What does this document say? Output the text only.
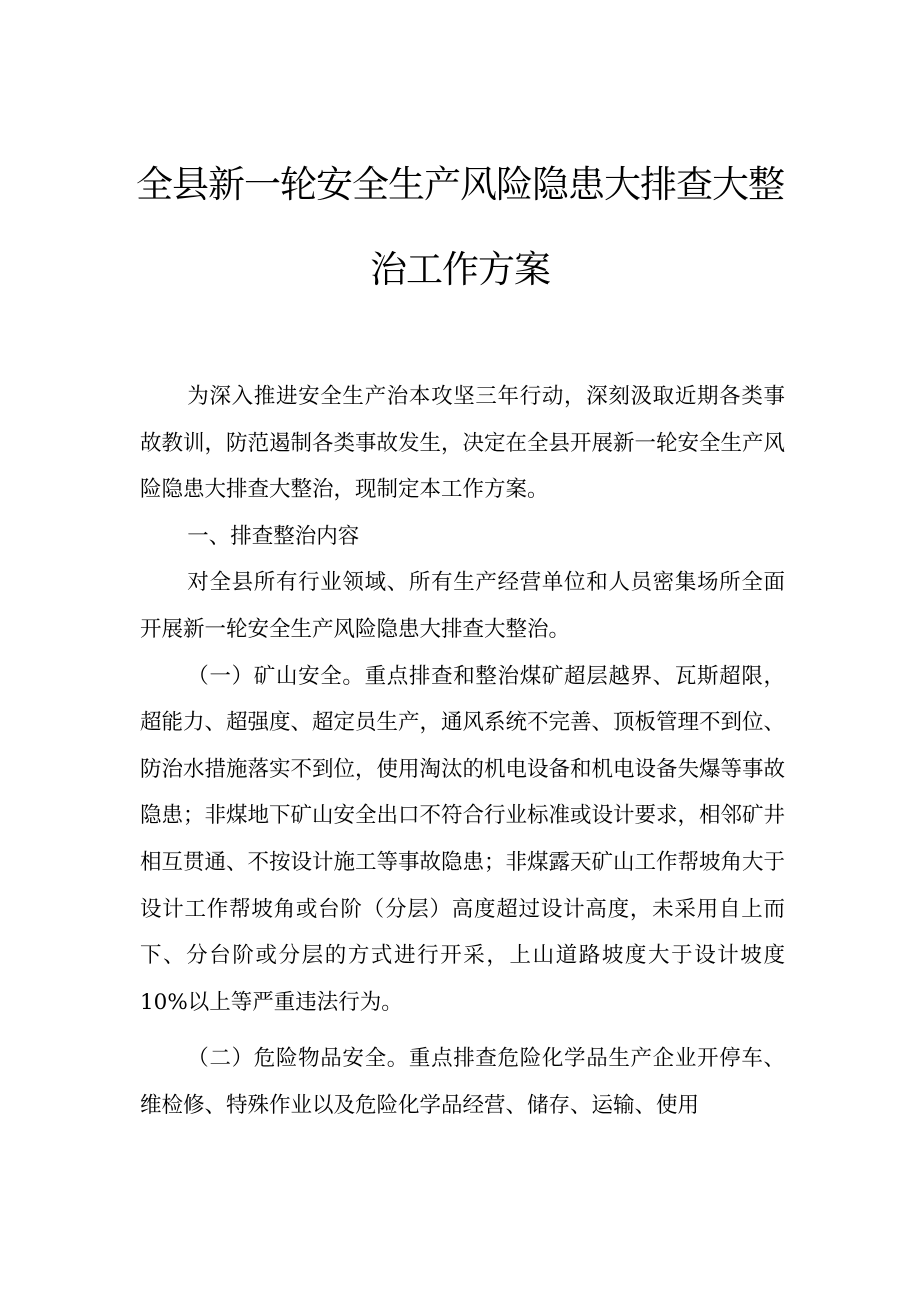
全县新一轮安全生产风险隐患大排查大整
治工作方案

为深入推进安全生产治本攻坚三年行动，深刻汲取近期各类事故教训，防范遏制各类事故发生，决定在全县开展新一轮安全生产风险隐患大排查大整治，现制定本工作方案。

一、排查整治内容

对全县所有行业领域、所有生产经营单位和人员密集场所全面开展新一轮安全生产风险隐患大排查大整治。

（一）矿山安全。重点排查和整治煤矿超层越界、瓦斯超限，超能力、超强度、超定员生产，通风系统不完善、顶板管理不到位、防治水措施落实不到位，使用淘汰的机电设备和机电设备失爆等事故隐患；非煤地下矿山安全出口不符合行业标准或设计要求，相邻矿井相互贯通、不按设计施工等事故隐患；非煤露天矿山工作帮坡角大于设计工作帮坡角或台阶（分层）高度超过设计高度，未采用自上而下、分台阶或分层的方式进行开采，上山道路坡度大于设计坡度10%以上等严重违法行为。

（二）危险物品安全。重点排查危险化学品生产企业开停车、维检修、特殊作业以及危险化学品经营、储存、运输、使用
